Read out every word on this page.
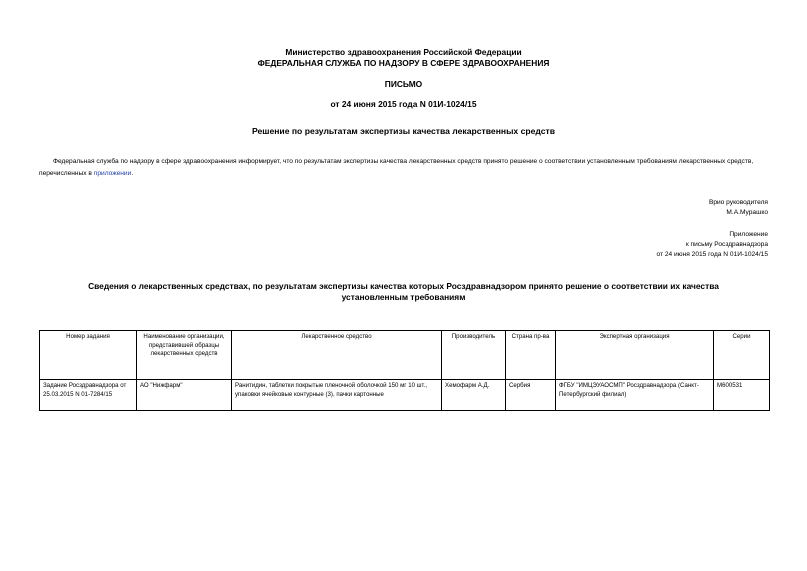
Министерство здравоохранения Российской Федерации
ФЕДЕРАЛЬНАЯ СЛУЖБА ПО НАДЗОРУ В СФЕРЕ ЗДРАВООХРАНЕНИЯ
ПИСЬМО
от 24 июня 2015 года N 01И-1024/15
Решение по результатам экспертизы качества лекарственных средств
Федеральная служба по надзору в сфере здравоохранения информирует, что по результатам экспертизы качества лекарственных средств принято решение о соответствии установленным требованиям лекарственных средств, перечисленных в приложении.
Врио руководителя
М.А.Мурашко
Приложение
к письму Росздравнадзора
от 24 июня 2015 года N 01И-1024/15
Сведения о лекарственных средствах, по результатам экспертизы качества которых Росздравнадзором принято решение о соответствии их качества установленным требованиям
Номер задания	Наименование организации, представившей образцы лекарственных средств	Лекарственное средство	Производитель	Страна пр-ва	Экспертная организация	Серии
Задание Росздравнадзора от 25.03.2015 N 01-7284/15	АО "Нижфарм"	Ранитидин, таблетки покрытые пленочной оболочкой 150 мг 10 шт., упаковки ячейковые контурные (3), пачки картонные	Хемофарм А.Д.	Сербия	ФГБУ "ИМЦЭУАОСМП" Росздравнадзора (Санкт-Петербургский филиал)	М600531
